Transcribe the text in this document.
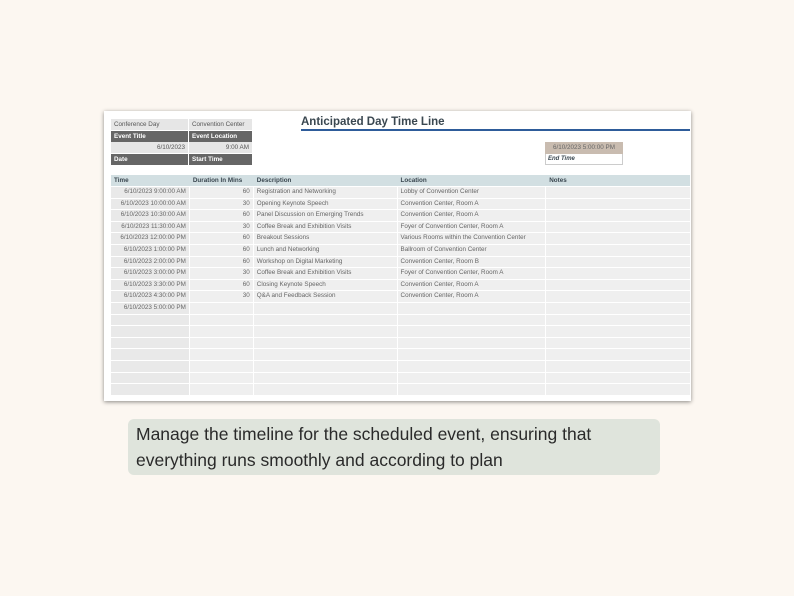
Conference Day	Convention Center
Event Title	Event Location
6/10/2023	9:00 AM
Date	Start Time
Anticipated Day Time Line
6/10/2023 5:00:00 PM
End Time
Time	Duration In Mins	Description	Location	Notes
6/10/2023 9:00:00 AM	60	Registration and Networking	Lobby of Convention Center
6/10/2023 10:00:00 AM	30	Opening Keynote Speech	Convention Center, Room A
6/10/2023 10:30:00 AM	60	Panel Discussion on Emerging Trends	Convention Center, Room A
6/10/2023 11:30:00 AM	30	Coffee Break and Exhibition Visits	Foyer of Convention Center, Room A
6/10/2023 12:00:00 PM	60	Breakout Sessions	Various Rooms within the Convention Center
6/10/2023 1:00:00 PM	60	Lunch and Networking	Ballroom of Convention Center
6/10/2023 2:00:00 PM	60	Workshop on Digital Marketing	Convention Center, Room B
6/10/2023 3:00:00 PM	30	Coffee Break and Exhibition Visits	Foyer of Convention Center, Room A
6/10/2023 3:30:00 PM	60	Closing Keynote Speech	Convention Center, Room A
6/10/2023 4:30:00 PM	30	Q&A and Feedback Session	Convention Center, Room A
6/10/2023 5:00:00 PM
Manage the timeline for the scheduled event, ensuring that everything runs smoothly and according to plan
